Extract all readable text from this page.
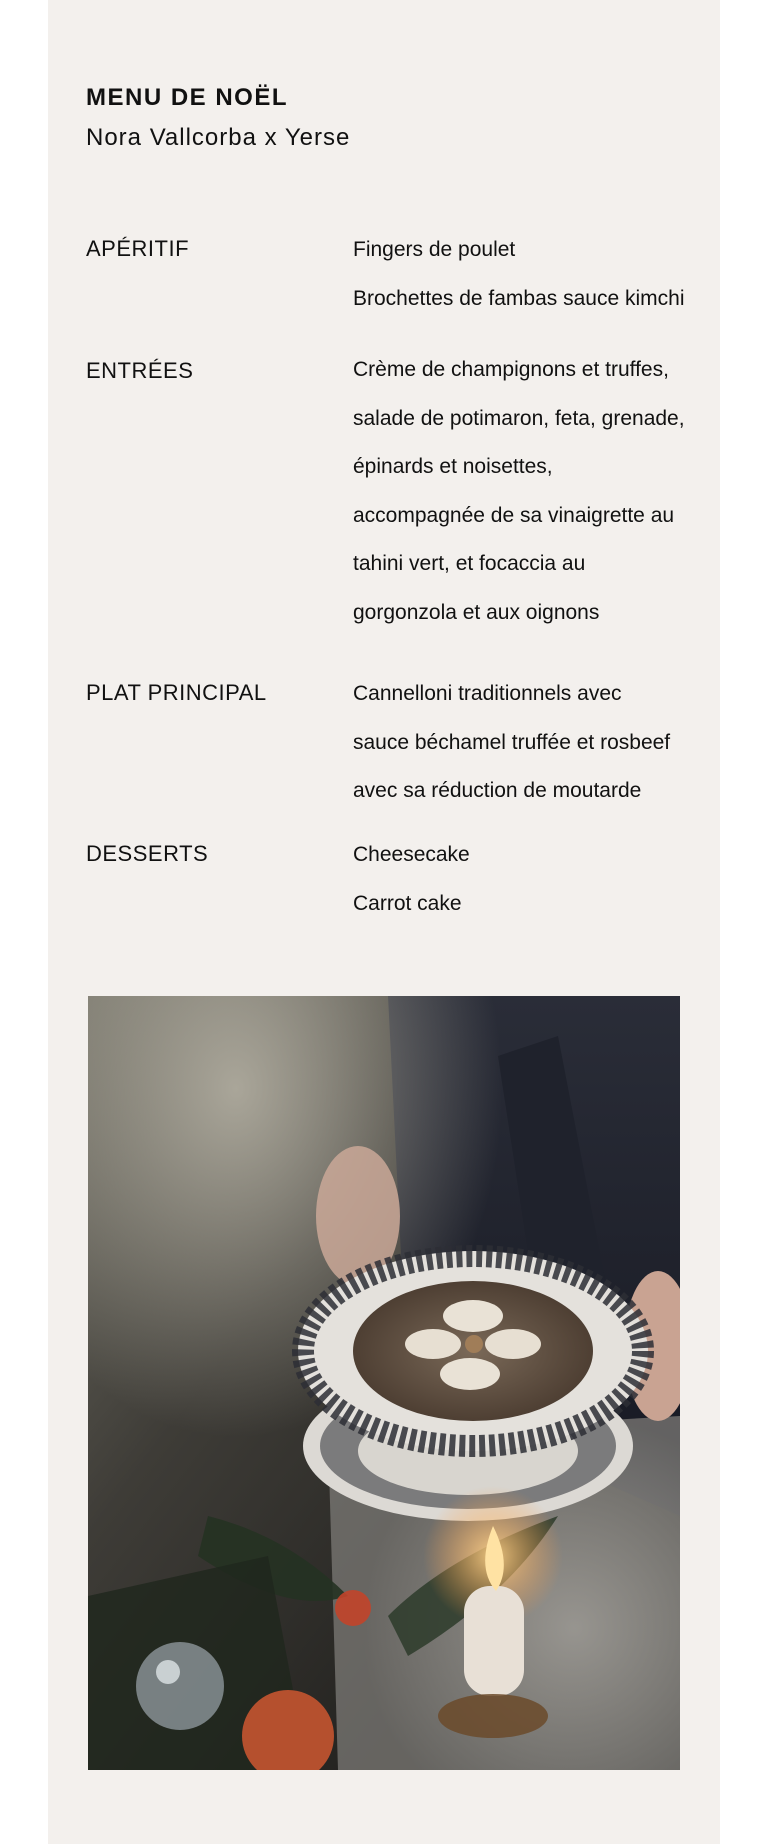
MENU DE NOËL

Nora Vallcorba x Yerse

APÉRITIF	Fingers de poulet
Brochettes de fambas sauce kimchi
ENTRÉES	Crème de champignons et truffes,
salade de potimaron, feta, grenade,
épinards et noisettes,
accompagnée de sa vinaigrette au
tahini vert, et focaccia au
gorgonzola et aux oignons
PLAT PRINCIPAL	Cannelloni traditionnels avec
sauce béchamel truffée et rosbeef
avec sa réduction de moutarde
DESSERTS	Cheesecake
Carrot cake
